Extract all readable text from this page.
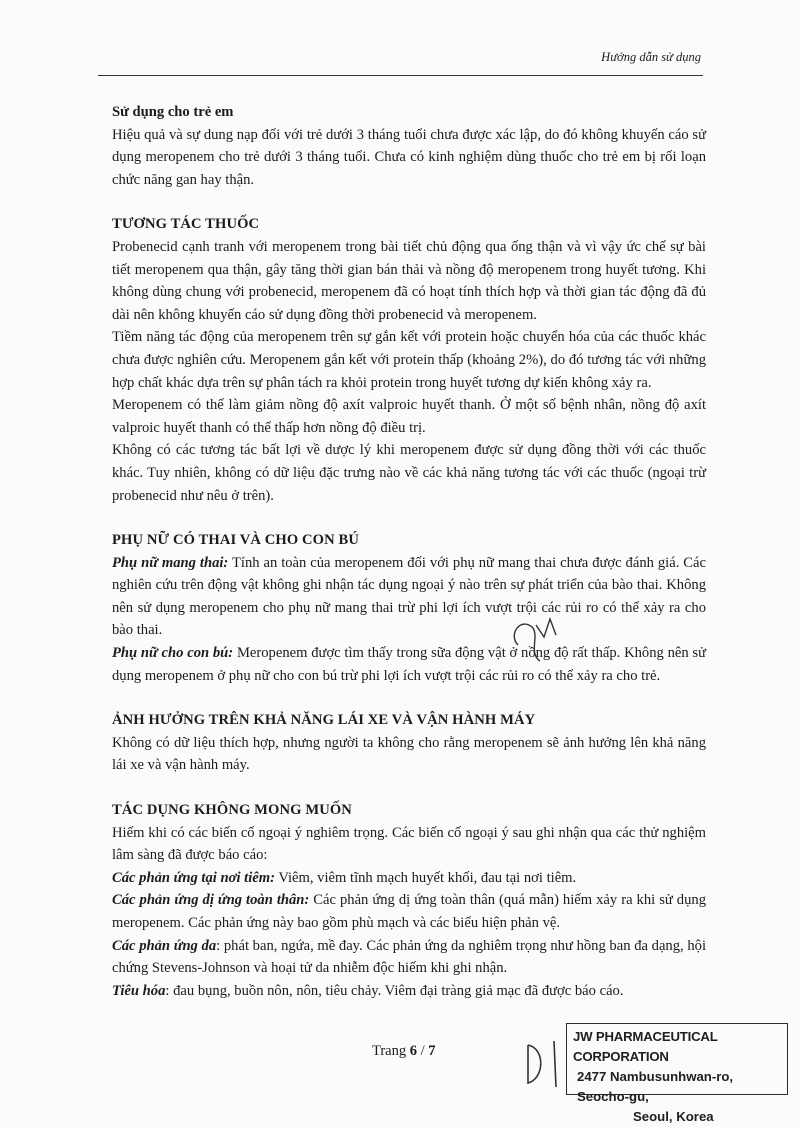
Hướng dẫn sử dụng

Sử dụng cho trẻ em

Hiệu quả và sự dung nạp đối với trẻ dưới 3 tháng tuổi chưa được xác lập, do đó không khuyến cáo sử dụng meropenem cho trẻ dưới 3 tháng tuổi. Chưa có kinh nghiệm dùng thuốc cho trẻ em bị rối loạn chức năng gan hay thận.

TƯƠNG TÁC THUỐC

Probenecid cạnh tranh với meropenem trong bài tiết chủ động qua ống thận và vì vậy ức chế sự bài tiết meropenem qua thận, gây tăng thời gian bán thải và nồng độ meropenem trong huyết tương. Khi không dùng chung với probenecid, meropenem đã có hoạt tính thích hợp và thời gian tác động đã đủ dài nên không khuyến cáo sử dụng đồng thời probenecid và meropenem.

Tiềm năng tác động của meropenem trên sự gắn kết với protein hoặc chuyển hóa của các thuốc khác chưa được nghiên cứu. Meropenem gắn kết với protein thấp (khoảng 2%), do đó tương tác với những hợp chất khác dựa trên sự phân tách ra khỏi protein trong huyết tương dự kiến không xảy ra.

Meropenem có thể làm giảm nồng độ axít valproic huyết thanh. Ở một số bệnh nhân, nồng độ axít valproic huyết thanh có thể thấp hơn nồng độ điều trị.

Không có các tương tác bất lợi về dược lý khi meropenem được sử dụng đồng thời với các thuốc khác. Tuy nhiên, không có dữ liệu đặc trưng nào về các khả năng tương tác với các thuốc (ngoại trừ probenecid như nêu ở trên).

PHỤ NỮ CÓ THAI VÀ CHO CON BÚ

Phụ nữ mang thai: Tính an toàn của meropenem đối với phụ nữ mang thai chưa được đánh giá. Các nghiên cứu trên động vật không ghi nhận tác dụng ngoại ý nào trên sự phát triển của bào thai. Không nên sử dụng meropenem cho phụ nữ mang thai trừ phi lợi ích vượt trội các rủi ro có thể xảy ra cho bào thai.

Phụ nữ cho con bú: Meropenem được tìm thấy trong sữa động vật ở nồng độ rất thấp. Không nên sử dụng meropenem ở phụ nữ cho con bú trừ phi lợi ích vượt trội các rủi ro có thể xảy ra cho trẻ.

ẢNH HƯỞNG TRÊN KHẢ NĂNG LÁI XE VÀ VẬN HÀNH MÁY

Không có dữ liệu thích hợp, nhưng người ta không cho rằng meropenem sẽ ảnh hưởng lên khả năng lái xe và vận hành máy.

TÁC DỤNG KHÔNG MONG MUỐN

Hiếm khi có các biến cố ngoại ý nghiêm trọng. Các biến cố ngoại ý sau ghi nhận qua các thử nghiệm lâm sàng đã được báo cáo:

Các phản ứng tại nơi tiêm: Viêm, viêm tĩnh mạch huyết khối, đau tại nơi tiêm.

Các phản ứng dị ứng toàn thân: Các phản ứng dị ứng toàn thân (quá mẫn) hiếm xảy ra khi sử dụng meropenem. Các phản ứng này bao gồm phù mạch và các biểu hiện phản vệ.

Các phản ứng da: phát ban, ngứa, mề đay. Các phản ứng da nghiêm trọng như hồng ban đa dạng, hội chứng Stevens-Johnson và hoại tử da nhiễm độc hiếm khi ghi nhận.

Tiêu hóa: đau bụng, buồn nôn, nôn, tiêu chảy. Viêm đại tràng giả mạc đã được báo cáo.

Trang 6 / 7
JW PHARMACEUTICAL CORPORATION
2477 Nambusunhwan-ro, Seocho-gu,
Seoul, Korea
